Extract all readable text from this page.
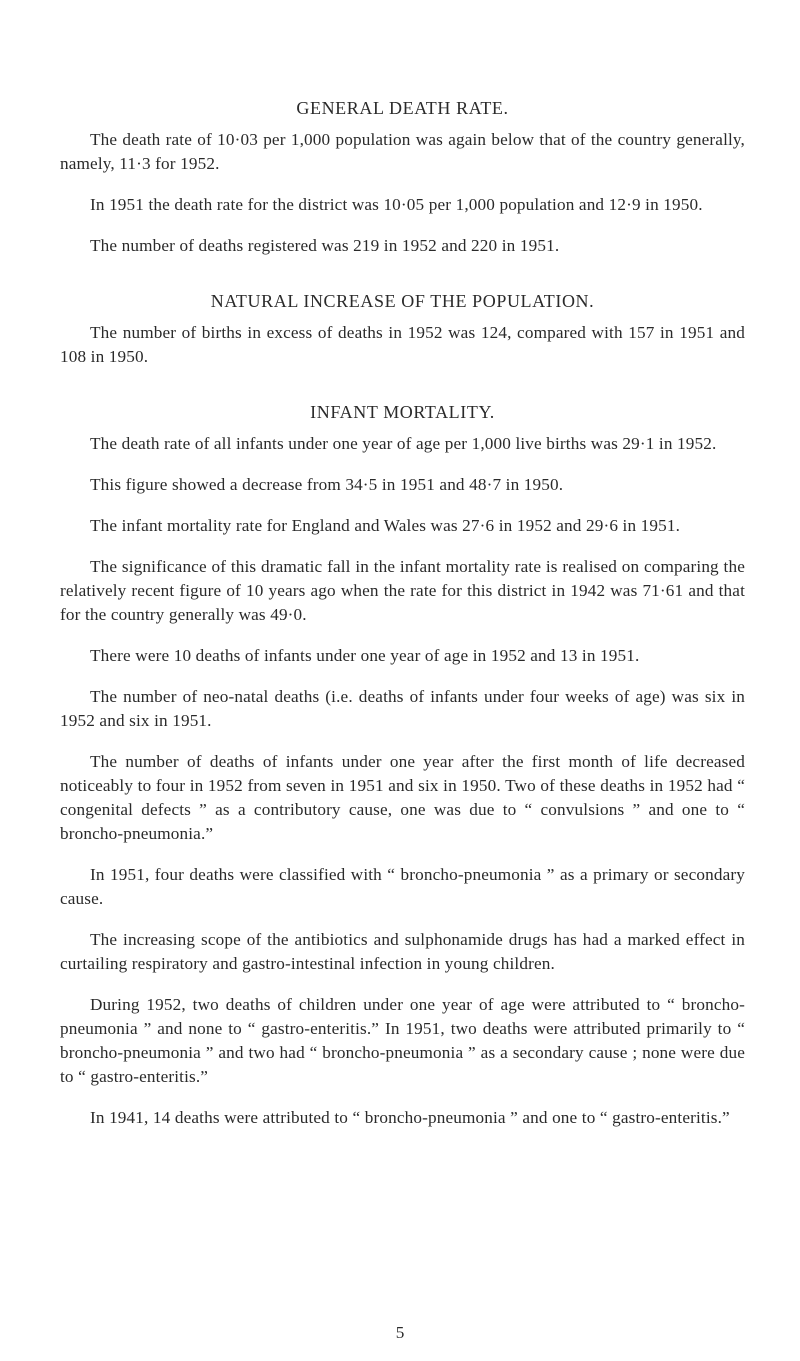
GENERAL DEATH RATE.

The death rate of 10·03 per 1,000 population was again below that of the country generally, namely, 11·3 for 1952.

In 1951 the death rate for the district was 10·05 per 1,000 population and 12·9 in 1950.

The number of deaths registered was 219 in 1952 and 220 in 1951.

NATURAL INCREASE OF THE POPULATION.

The number of births in excess of deaths in 1952 was 124, compared with 157 in 1951 and 108 in 1950.

INFANT MORTALITY.

The death rate of all infants under one year of age per 1,000 live births was 29·1 in 1952.

This figure showed a decrease from 34·5 in 1951 and 48·7 in 1950.

The infant mortality rate for England and Wales was 27·6 in 1952 and 29·6 in 1951.

The significance of this dramatic fall in the infant mortality rate is realised on comparing the relatively recent figure of 10 years ago when the rate for this district in 1942 was 71·61 and that for the country generally was 49·0.

There were 10 deaths of infants under one year of age in 1952 and 13 in 1951.

The number of neo-natal deaths (i.e. deaths of infants under four weeks of age) was six in 1952 and six in 1951.

The number of deaths of infants under one year after the first month of life decreased noticeably to four in 1952 from seven in 1951 and six in 1950. Two of these deaths in 1952 had “ congenital defects ” as a contributory cause, one was due to “ convulsions ” and one to “ broncho-pneumonia.”

In 1951, four deaths were classified with “ broncho-pneumonia ” as a primary or secondary cause.

The increasing scope of the antibiotics and sulphonamide drugs has had a marked effect in curtailing respiratory and gastro-intestinal infection in young children.

During 1952, two deaths of children under one year of age were attributed to “ broncho-pneumonia ” and none to “ gastro-enteritis.” In 1951, two deaths were attributed primarily to “ broncho-pneumonia ” and two had “ broncho-pneumonia ” as a secondary cause ; none were due to “ gastro-enteritis.”

In 1941, 14 deaths were attributed to “ broncho-pneumonia ” and one to “ gastro-enteritis.”

5
